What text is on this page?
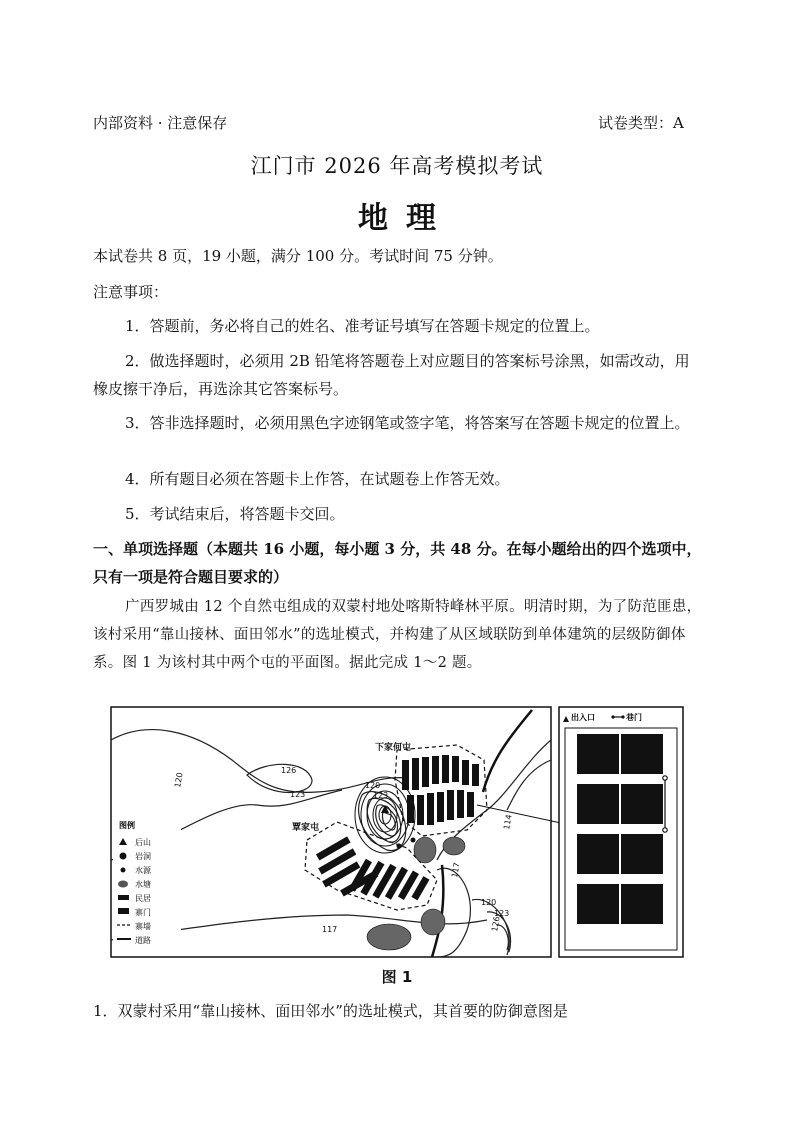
内部资料 · 注意保存	试卷类型：A
江门市 2026 年高考模拟考试
地理
本试卷共 8 页，19 小题，满分 100 分。考试时间 75 分钟。
注意事项：
1．答题前，务必将自己的姓名、准考证号填写在答题卡规定的位置上。
2．做选择题时，必须用 2B 铅笔将答题卷上对应题目的答案标号涂黑，如需改动，用橡皮擦干净后，再选涂其它答案标号。
3．答非选择题时，必须用黑色字迹钢笔或签字笔，将答案写在答题卡规定的位置上。
4．所有题目必须在答题卡上作答，在试题卷上作答无效。
5．考试结束后，将答题卡交回。
一、单项选择题（本题共 16 小题，每小题 3 分，共 48 分。在每小题给出的四个选项中，只有一项是符合题目要求的）
广西罗城由 12 个自然屯组成的双蒙村地处喀斯特峰林平原。明清时期，为了防范匪患，该村采用“靠山接林、面田邻水”的选址模式，并构建了从区域联防到单体建筑的层级防御体系。图 1 为该村其中两个屯的平面图。据此完成 1～2 题。
120
126
123
120
123
114
117
120
123
126
117
下家何屯
覃家屯
图例
后山
岩洞
水源
水塘
民居
寨门
寨墙
道路
出入口	巷门
图 1
1．双蒙村采用“靠山接林、面田邻水”的选址模式，其首要的防御意图是
